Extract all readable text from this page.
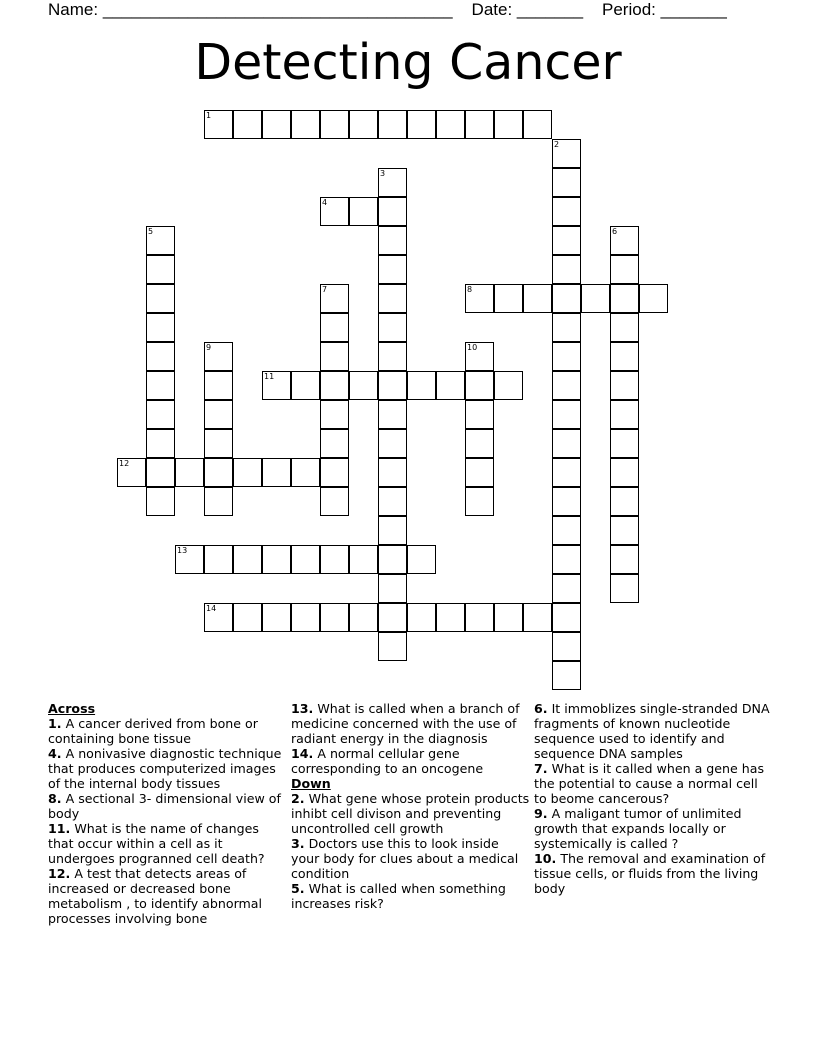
Name: _____________________________________ Date: _______ Period: _______
Detecting Cancer
1
2
3
4
5	6
7	8
9	10
11
12
13
14
Across
1. A cancer derived from bone or containing bone tissue
4. A nonivasive diagnostic technique that produces computerized images of the internal body tissues
8. A sectional 3- dimensional view of body
11. What is the name of changes that occur within a cell as it undergoes progranned cell death?
12. A test that detects areas of increased or decreased bone metabolism , to identify abnormal processes involving bone
13. What is called when a branch of medicine concerned with the use of radiant energy in the diagnosis
14. A normal cellular gene corresponding to an oncogene
Down
2. What gene whose protein products inhibt cell divison and preventing uncontrolled cell growth
3. Doctors use this to look inside your body for clues about a medical condition
5. What is called when something increases risk?
6. It immoblizes single-stranded DNA fragments of known nucleotide sequence used to identify and sequence DNA samples
7. What is it called when a gene has the potential to cause a normal cell to beome cancerous?
9. A maligant tumor of unlimited growth that expands locally or systemically is called ?
10. The removal and examination of tissue cells, or fluids from the living body
